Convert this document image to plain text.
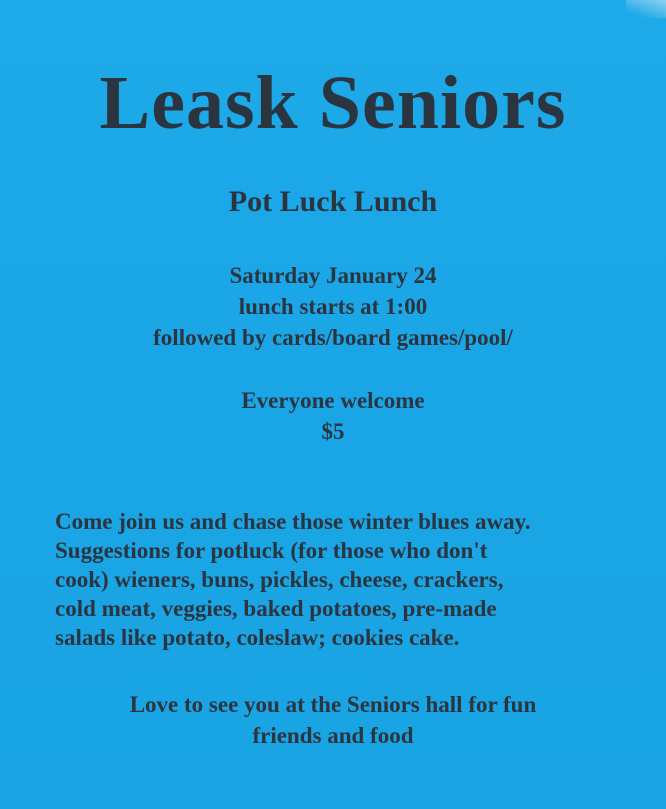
Leask Seniors
Pot Luck Lunch
Saturday January 24
lunch starts at 1:00
followed by cards/board games/pool/
Everyone welcome
$5
Come join us and chase those winter blues away.
Suggestions for potluck (for those who don't
cook) wieners, buns, pickles, cheese, crackers,
cold meat, veggies, baked potatoes, pre-made
salads like potato, coleslaw; cookies cake.
Love to see you at the Seniors hall for fun
friends and food
